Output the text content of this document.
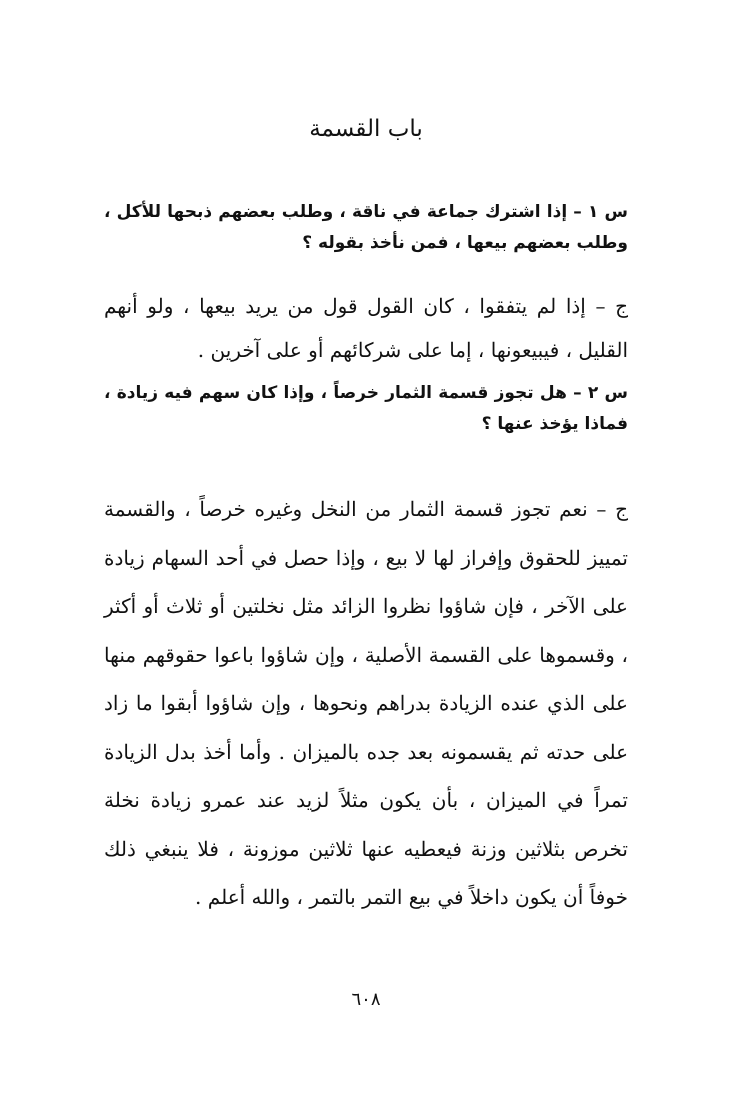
باب القسمة

س ١ – إذا اشترك جماعة في ناقة ، وطلب بعضهم ذبحها للأكل ، وطلب بعضهم بيعها ، فمن نأخذ بقوله ؟

ج – إذا لم يتفقوا ، كان القول قول من يريد بيعها ، ولو أنهم القليل ، فيبيعونها ، إما على شركائهم أو على آخرين .

س ٢ – هل تجوز قسمة الثمار خرصاً ، وإذا كان سهم فيه زيادة ، فماذا يؤخذ عنها ؟

ج – نعم تجوز قسمة الثمار من النخل وغيره خرصاً ، والقسمة تمييز للحقوق وإفراز لها لا بيع ، وإذا حصل في أحد السهام زيادة على الآخر ، فإن شاؤوا نظروا الزائد مثل نخلتين أو ثلاث أو أكثر ، وقسموها على القسمة الأصلية ، وإن شاؤوا باعوا حقوقهم منها على الذي عنده الزيادة بدراهم ونحوها ، وإن شاؤوا أبقوا ما زاد على حدته ثم يقسمونه بعد جده بالميزان . وأما أخذ بدل الزيادة تمراً في الميزان ، بأن يكون مثلاً لزيد عند عمرو زيادة نخلة تخرص بثلاثين وزنة فيعطيه عنها ثلاثين موزونة ، فلا ينبغي ذلك خوفاً أن يكون داخلاً في بيع التمر بالتمر ، والله أعلم .

٦٠٨
